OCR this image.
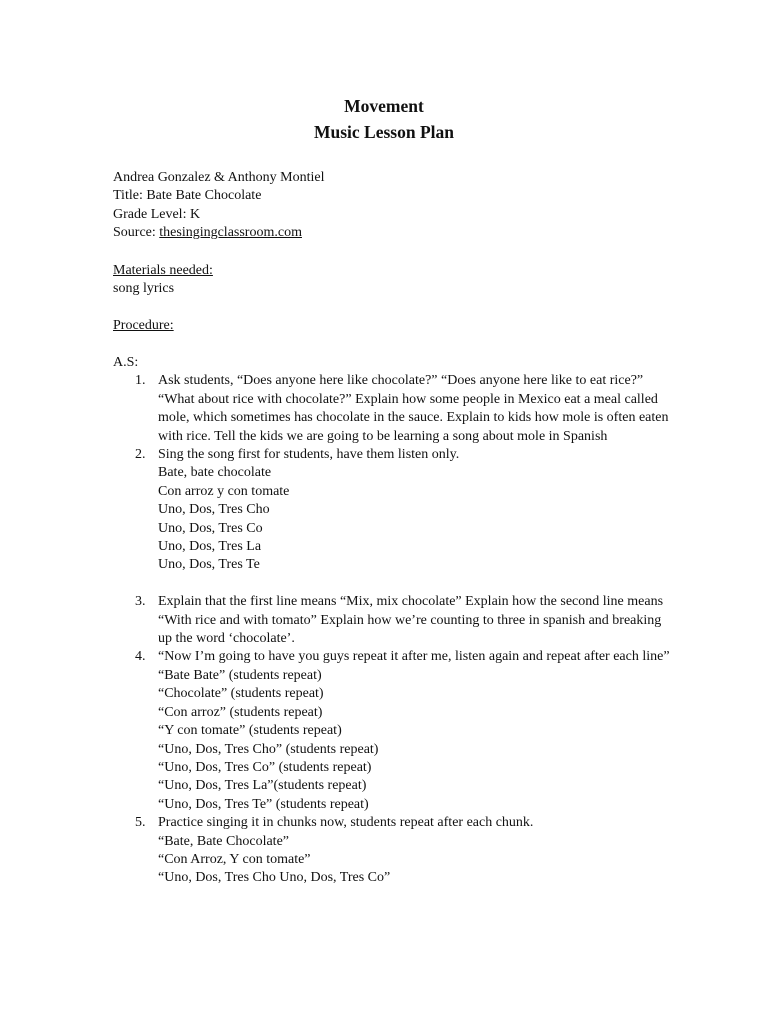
Movement
Music Lesson Plan
Andrea Gonzalez & Anthony Montiel
Title: Bate Bate Chocolate
Grade Level: K
Source: thesingingclassroom.com
Materials needed:
song lyrics
Procedure:
A.S:
1. Ask students, “Does anyone here like chocolate?” “Does anyone here like to eat rice?” “What about rice with chocolate?” Explain how some people in Mexico eat a meal called mole, which sometimes has chocolate in the sauce. Explain to kids how mole is often eaten with rice. Tell the kids we are going to be learning a song about mole in Spanish
2. Sing the song first for students, have them listen only.
Bate, bate chocolate
Con arroz y con tomate
Uno, Dos, Tres Cho
Uno, Dos, Tres Co
Uno, Dos, Tres La
Uno, Dos, Tres Te
3. Explain that the first line means “Mix, mix chocolate” Explain how the second line means “With rice and with tomato” Explain how we’re counting to three in spanish and breaking up the word ‘chocolate’.
4. “Now I’m going to have you guys repeat it after me, listen again and repeat after each line”
“Bate Bate” (students repeat)
“Chocolate” (students repeat)
“Con arroz” (students repeat)
“Y con tomate” (students repeat)
“Uno, Dos, Tres Cho” (students repeat)
“Uno, Dos, Tres Co” (students repeat)
“Uno, Dos, Tres La”(students repeat)
“Uno, Dos, Tres Te” (students repeat)
5. Practice singing it in chunks now, students repeat after each chunk.
“Bate, Bate Chocolate”
“Con Arroz, Y con tomate”
“Uno, Dos, Tres Cho Uno, Dos, Tres Co”
